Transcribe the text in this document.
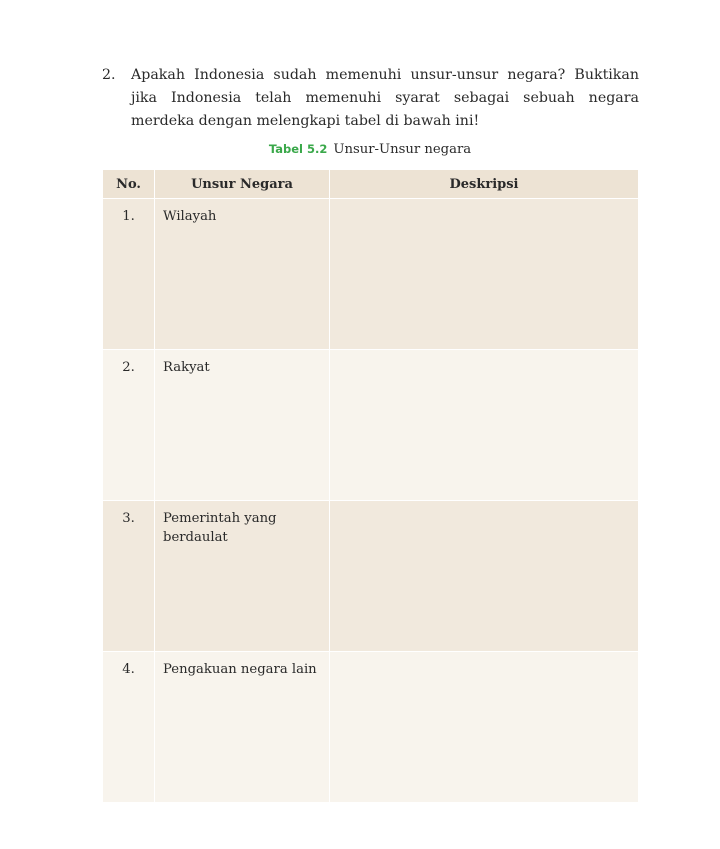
2. Apakah Indonesia sudah memenuhi unsur-unsur negara? Buktikan jika Indonesia telah memenuhi syarat sebagai sebuah negara merdeka dengan melengkapi tabel di bawah ini!
Tabel 5.2 Unsur-Unsur negara
No.	Unsur Negara	Deskripsi
1.	Wilayah	
2.	Rakyat	
3.	Pemerintah yang berdaulat	
4.	Pengakuan negara lain	
